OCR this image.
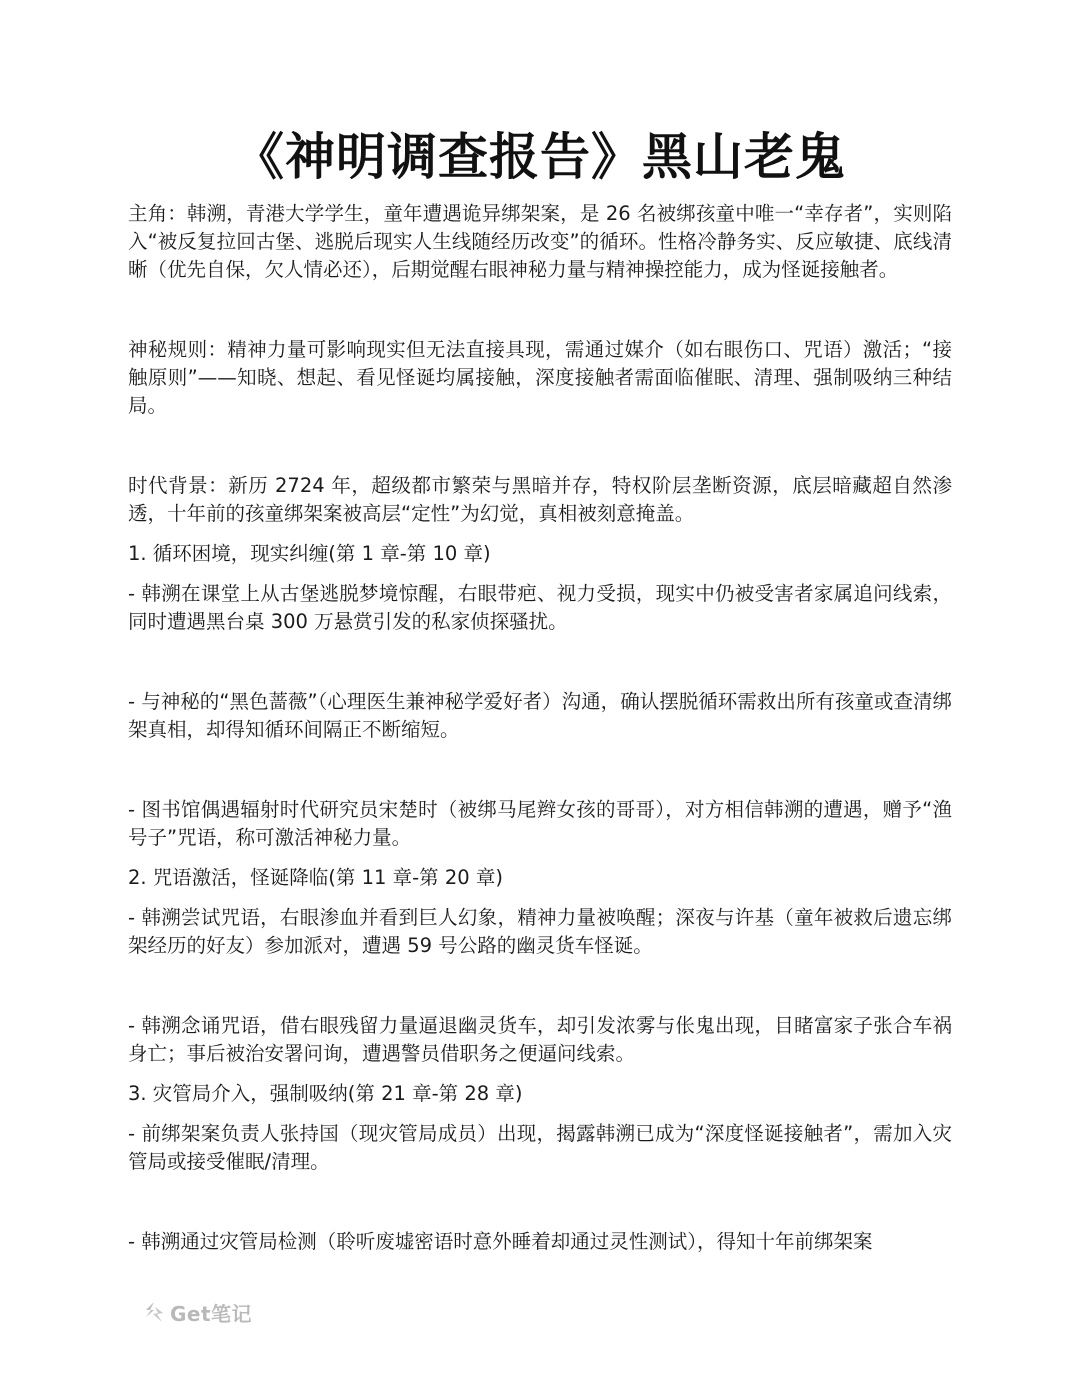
《神明调查报告》黑山老鬼

主角：韩溯，青港大学学生，童年遭遇诡异绑架案，是 26 名被绑孩童中唯一“幸存者”，实则陷入“被反复拉回古堡、逃脱后现实人生线随经历改变”的循环。性格冷静务实、反应敏捷、底线清晰（优先自保，欠人情必还），后期觉醒右眼神秘力量与精神操控能力，成为怪诞接触者。

神秘规则：精神力量可影响现实但无法直接具现，需通过媒介（如右眼伤口、咒语）激活；“接触原则”——知晓、想起、看见怪诞均属接触，深度接触者需面临催眠、清理、强制吸纳三种结局。

时代背景：新历 2724 年，超级都市繁荣与黑暗并存，特权阶层垄断资源，底层暗藏超自然渗透，十年前的孩童绑架案被高层“定性”为幻觉，真相被刻意掩盖。

1. 循环困境，现实纠缠(第 1 章-第 10 章)

- 韩溯在课堂上从古堡逃脱梦境惊醒，右眼带疤、视力受损，现实中仍被受害者家属追问线索，同时遭遇黑台桌 300 万悬赏引发的私家侦探骚扰。

- 与神秘的“黑色蔷薇”（心理医生兼神秘学爱好者）沟通，确认摆脱循环需救出所有孩童或查清绑架真相，却得知循环间隔正不断缩短。

- 图书馆偶遇辐射时代研究员宋楚时（被绑马尾辫女孩的哥哥），对方相信韩溯的遭遇，赠予“渔号子”咒语，称可激活神秘力量。

2. 咒语激活，怪诞降临(第 11 章-第 20 章)

- 韩溯尝试咒语，右眼渗血并看到巨人幻象，精神力量被唤醒；深夜与许基（童年被救后遗忘绑架经历的好友）参加派对，遭遇 59 号公路的幽灵货车怪诞。

- 韩溯念诵咒语，借右眼残留力量逼退幽灵货车，却引发浓雾与伥鬼出现，目睹富家子张合车祸身亡；事后被治安署问询，遭遇警员借职务之便逼问线索。

3. 灾管局介入，强制吸纳(第 21 章-第 28 章)

- 前绑架案负责人张持国（现灾管局成员）出现，揭露韩溯已成为“深度怪诞接触者”，需加入灾管局或接受催眠/清理。

- 韩溯通过灾管局检测（聆听废墟密语时意外睡着却通过灵性测试），得知十年前绑架案

Get笔记
